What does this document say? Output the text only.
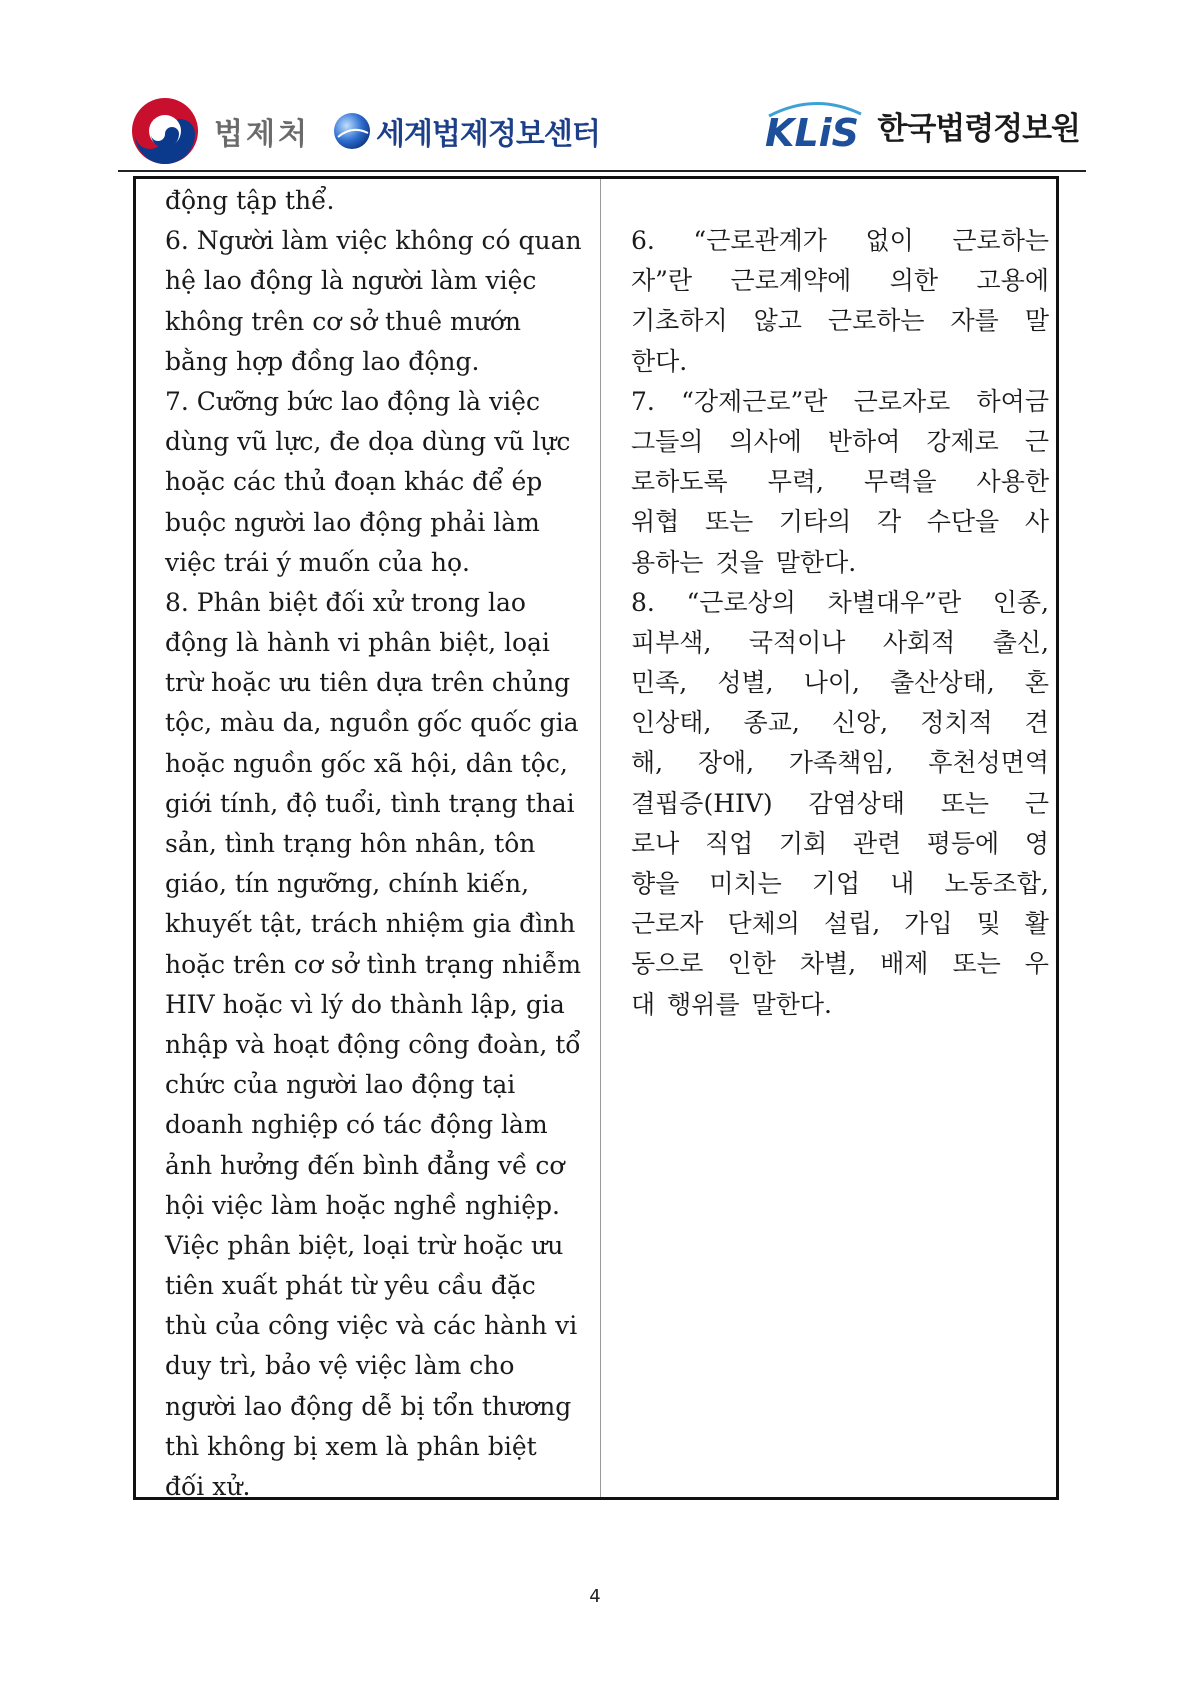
법제처 세계법제정보센터	KLiS 한국법령정보원
động tập thể.
6. Người làm việc không có quan
hệ lao động là người làm việc
không trên cơ sở thuê mướn
bằng hợp đồng lao động.
7. Cưỡng bức lao động là việc
dùng vũ lực, đe dọa dùng vũ lực
hoặc các thủ đoạn khác để ép
buộc người lao động phải làm
việc trái ý muốn của họ.
8. Phân biệt đối xử trong lao
động là hành vi phân biệt, loại
trừ hoặc ưu tiên dựa trên chủng
tộc, màu da, nguồn gốc quốc gia
hoặc nguồn gốc xã hội, dân tộc,
giới tính, độ tuổi, tình trạng thai
sản, tình trạng hôn nhân, tôn
giáo, tín ngưỡng, chính kiến,
khuyết tật, trách nhiệm gia đình
hoặc trên cơ sở tình trạng nhiễm
HIV hoặc vì lý do thành lập, gia
nhập và hoạt động công đoàn, tổ
chức của người lao động tại
doanh nghiệp có tác động làm
ảnh hưởng đến bình đẳng về cơ
hội việc làm hoặc nghề nghiệp.
Việc phân biệt, loại trừ hoặc ưu
tiên xuất phát từ yêu cầu đặc
thù của công việc và các hành vi
duy trì, bảo vệ việc làm cho
người lao động dễ bị tổn thương
thì không bị xem là phân biệt
đối xử.
6. “근로관계가 없이 근로하는
자”란 근로계약에 의한 고용에
기초하지 않고 근로하는 자를 말
한다.
7. “강제근로”란 근로자로 하여금
그들의 의사에 반하여 강제로 근
로하도록 무력, 무력을 사용한
위협 또는 기타의 각 수단을 사
용하는 것을 말한다.
8. “근로상의 차별대우”란 인종,
피부색, 국적이나 사회적 출신,
민족, 성별, 나이, 출산상태, 혼
인상태, 종교, 신앙, 정치적 견
해, 장애, 가족책임, 후천성면역
결핍증(HIV) 감염상태 또는 근
로나 직업 기회 관련 평등에 영
향을 미치는 기업 내 노동조합,
근로자 단체의 설립, 가입 및 활
동으로 인한 차별, 배제 또는 우
대 행위를 말한다.
4
